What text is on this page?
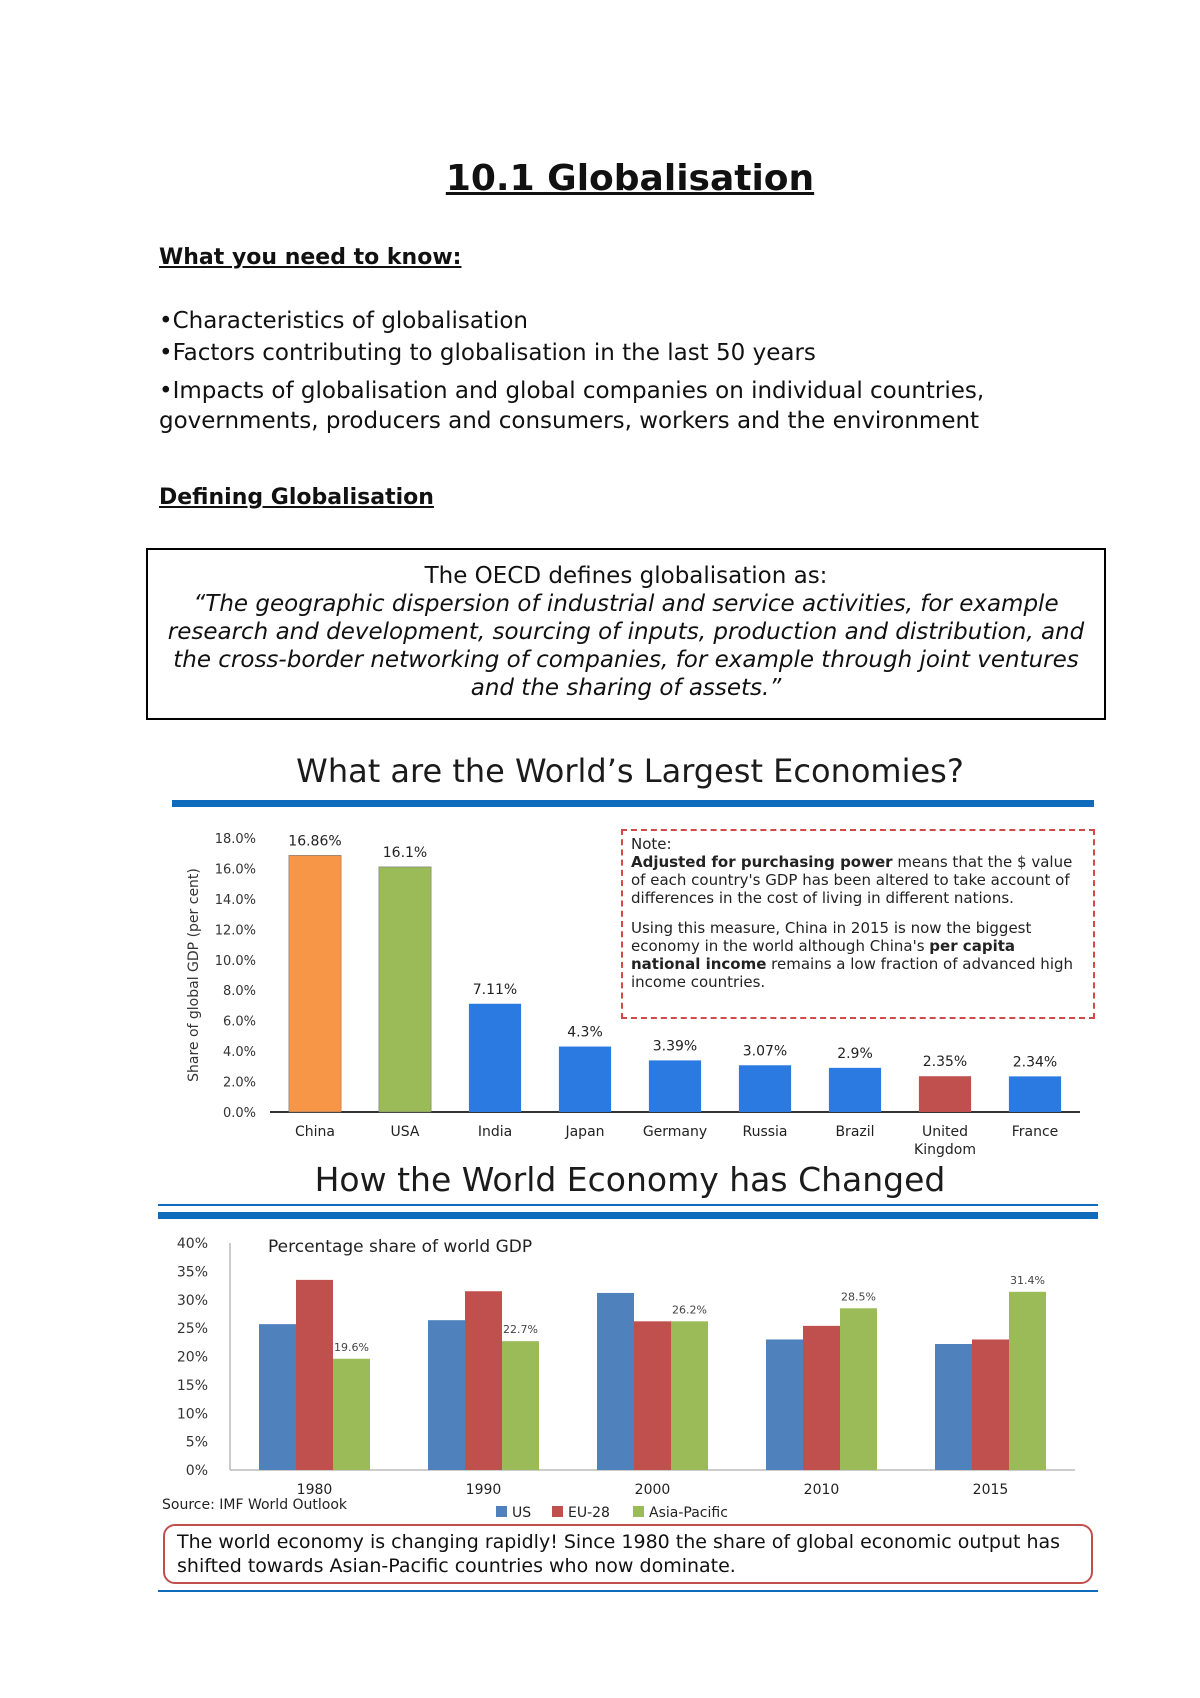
10.1 Globalisation
What you need to know:
•Characteristics of globalisation
•Factors contributing to globalisation in the last 50 years
•Impacts of globalisation and global companies on individual countries, governments, producers and consumers, workers and the environment
Defining Globalisation
The OECD defines globalisation as:
“The geographic dispersion of industrial and service activities, for example research and development, sourcing of inputs, production and distribution, and the cross-border networking of companies, for example through joint ventures and the sharing of assets.”
What are the World’s Largest Economies?
0.0%
2.0%
4.0%
6.0%
8.0%
10.0%
12.0%
14.0%
16.0%
18.0%
Share of global GDP (per cent)
16.86%
China
16.1%
USA
7.11%
India
4.3%
Japan
3.39%
Germany
3.07%
Russia
2.9%
Brazil
2.35%
United
Kingdom
2.34%
France
Note:

Adjusted for purchasing power means that the $ value of each country's GDP has been altered to take account of differences in the cost of living in different nations.

Using this measure, China in 2015 is now the biggest economy in the world although China's per capita national income remains a low fraction of advanced high income countries.

How the World Economy has Changed
0%
5%
10%
15%
20%
25%
30%
35%
40%	Percentage share of world GDP
19.6%
1980
22.7%
1990
26.2%
2000
28.5%
2010
31.4%
2015
Source: IMF World Outlook	US	EU-28	Asia-Pacific
The world economy is changing rapidly! Since 1980 the share of global economic output has shifted towards Asian-Pacific countries who now dominate.
